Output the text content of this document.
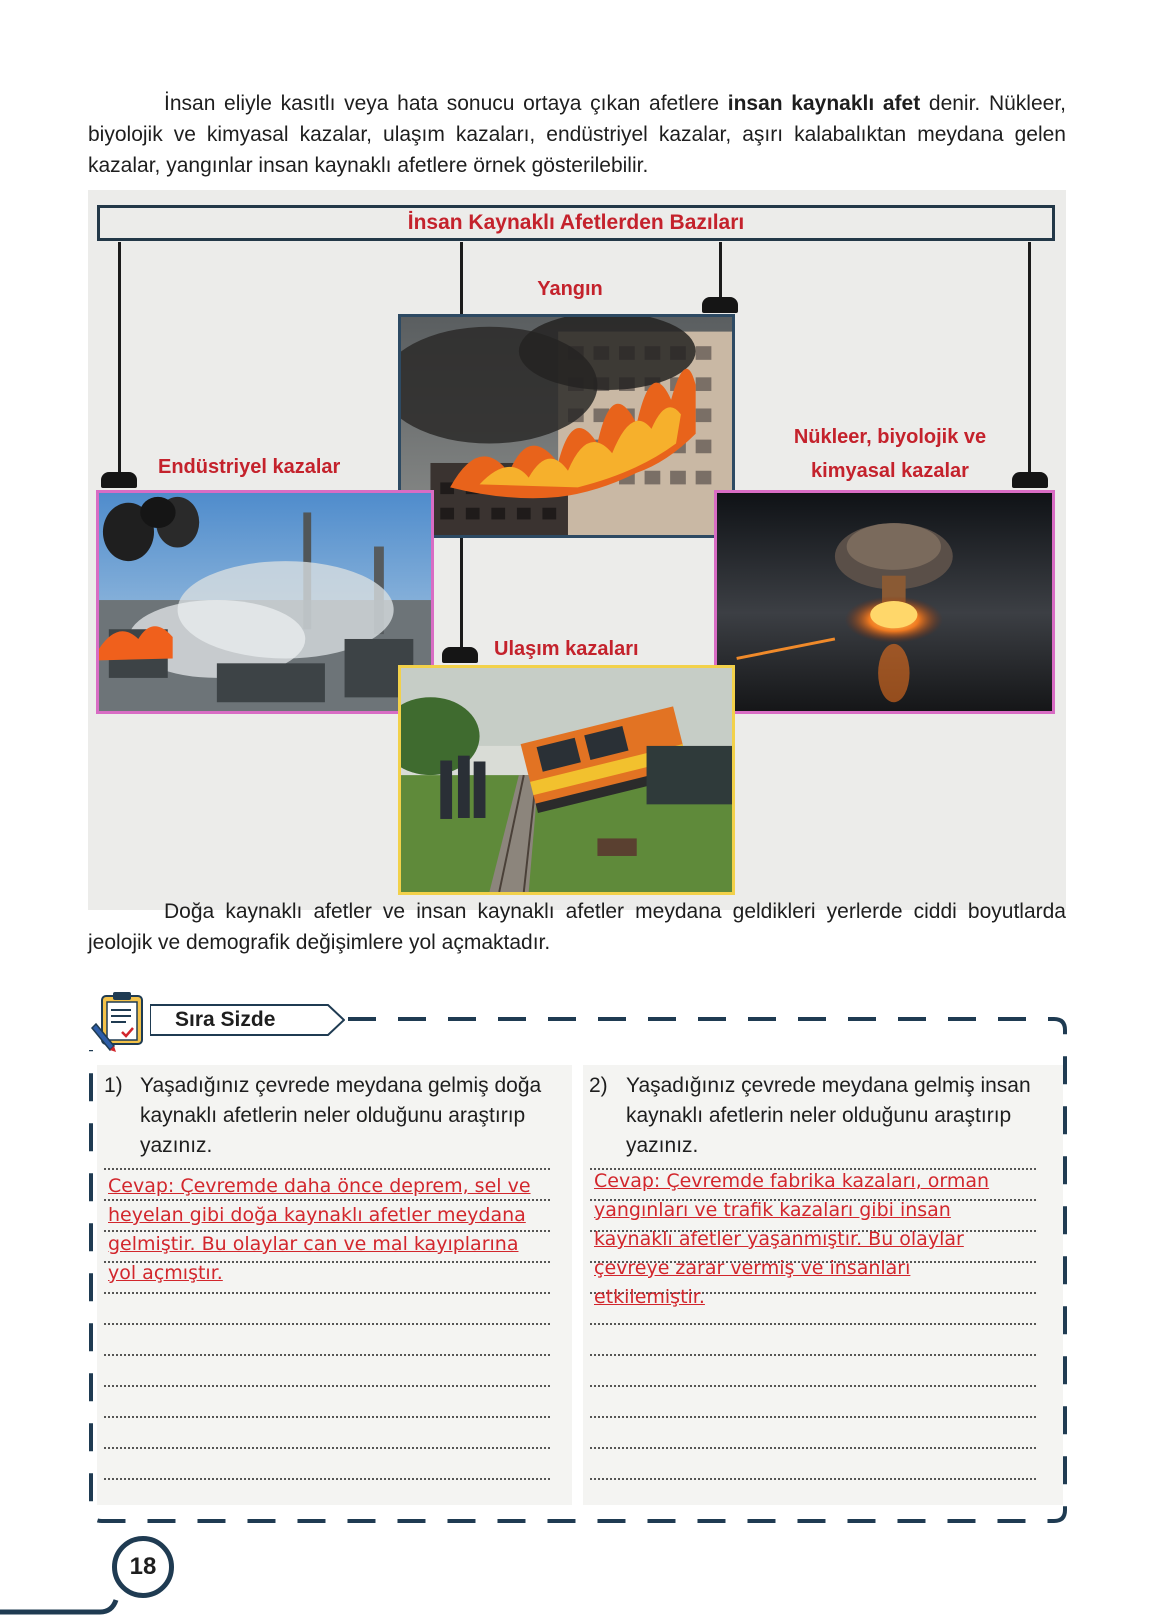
İnsan eliyle kasıtlı veya hata sonucu ortaya çıkan afetlere insan kaynaklı afet denir. Nükleer, biyolojik ve kimyasal kazalar, ulaşım kazaları, endüstriyel kazalar, aşırı kalabalıktan meydana gelen kazalar, yangınlar insan kaynaklı afetlere örnek gösterilebilir.

İnsan Kaynaklı Afetlerden Bazıları
Yangın
Endüstriyel kazalar
Nükleer, biyolojik ve kimyasal kazalar
Ulaşım kazaları

Doğa kaynaklı afetler ve insan kaynaklı afetler meydana geldikleri yerlerde ciddi boyutlarda jeolojik ve demografik değişimlere yol açmaktadır.

Sıra Sizde
1) Yaşadığınız çevrede meydana gelmiş doğa kaynaklı afetlerin neler olduğunu araştırıp yazınız.
2) Yaşadığınız çevrede meydana gelmiş insan kaynaklı afetlerin neler olduğunu araştırıp yazınız.
Cevap: Çevremde daha önce deprem, sel ve heyelan gibi doğa kaynaklı afetler meydana gelmiştir. Bu olaylar can ve mal kayıplarına yol açmıştır.
Cevap: Çevremde fabrika kazaları, orman yangınları ve trafik kazaları gibi insan kaynaklı afetler yaşanmıştır. Bu olaylar çevreye zarar vermiş ve insanları etkilemiştir.
18
